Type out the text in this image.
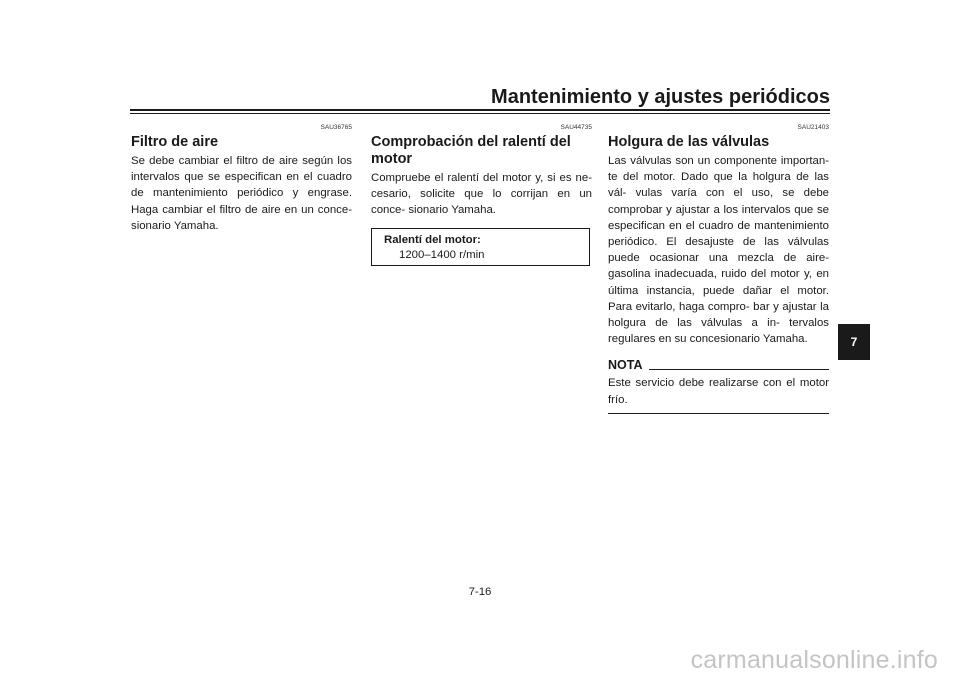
Mantenimiento y ajustes periódicos
SAU36765
Filtro de aire
Se debe cambiar el filtro de aire según los intervalos que se especifican en el cuadro de mantenimiento periódico y engrase. Haga cambiar el filtro de aire en un conce- sionario Yamaha.
SAU44735
Comprobación del ralentí del motor
Compruebe el ralentí del motor y, si es ne- cesario, solicite que lo corrijan en un conce- sionario Yamaha.
Ralentí del motor:
1200–1400 r/min
SAU21403
Holgura de las válvulas
Las válvulas son un componente importan- te del motor. Dado que la holgura de las vál- vulas varía con el uso, se debe comprobar y ajustar a los intervalos que se especifican en el cuadro de mantenimiento periódico. El desajuste de las válvulas puede ocasionar una mezcla de aire-gasolina inadecuada, ruido del motor y, en última instancia, puede dañar el motor. Para evitarlo, haga compro- bar y ajustar la holgura de las válvulas a in- tervalos regulares en su concesionario Yamaha.
NOTA
Este servicio debe realizarse con el motor frío.
7
7-16
carmanualsonline.info
